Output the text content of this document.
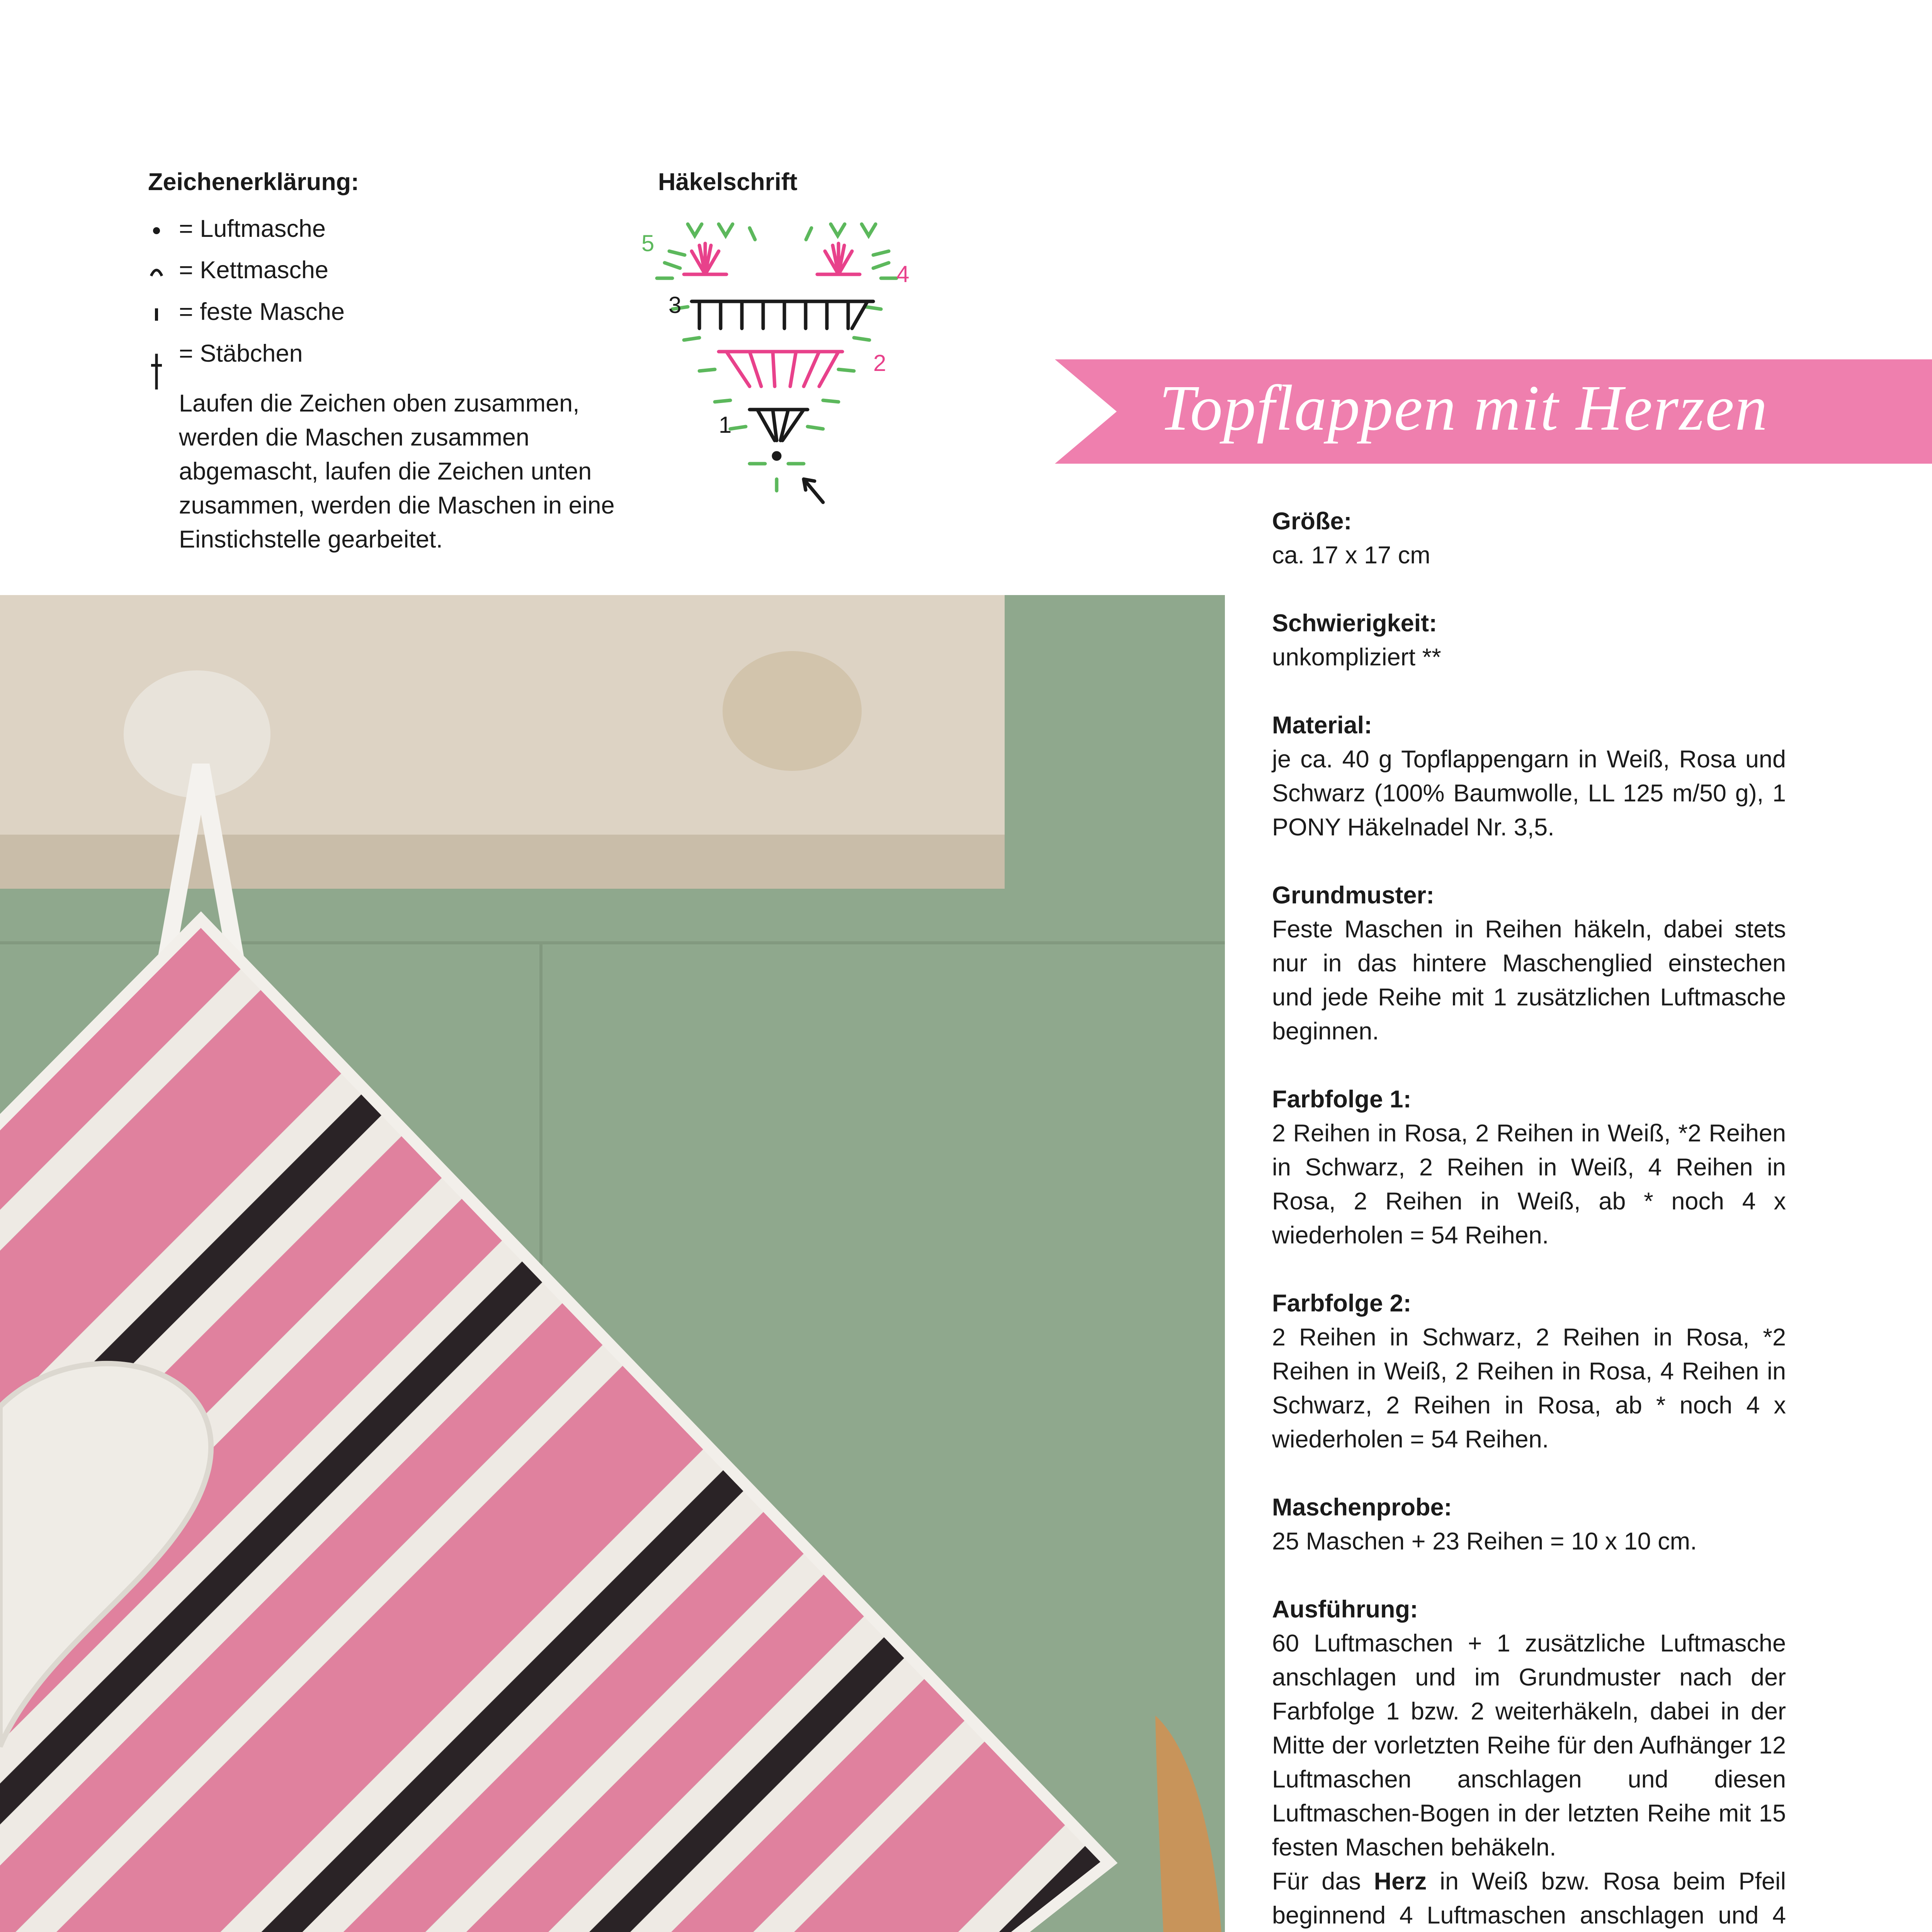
Zeichenerklärung:
= Luftmasche
= Kettmasche
= feste Masche
= Stäbchen
Laufen die Zeichen oben zusammen, werden die Maschen zusammen abgemascht, laufen die Zeichen unten zusammen, werden die Maschen in eine Einstichstelle gearbeitet.
Häkelschrift
5
4
3
2
1	Topflappen mit Herzen
Größe:

ca. 17 x 17 cm

Schwierigkeit:

unkompliziert **

Material:

je ca. 40 g Topflappengarn in Weiß, Rosa und Schwarz (100% Baumwolle, LL 125 m/50 g), 1 PONY Häkelnadel Nr. 3,5.

Grundmuster:

Feste Maschen in Reihen häkeln, dabei stets nur in das hintere Maschenglied einstechen und jede Reihe mit 1 zusätzlichen Luftmasche beginnen.

Farbfolge 1:

2 Reihen in Rosa, 2 Reihen in Weiß, *2 Reihen in Schwarz, 2 Reihen in Weiß, 4 Reihen in Rosa, 2 Reihen in Weiß, ab * noch 4 x wiederholen = 54 Reihen.

Farbfolge 2:

2 Reihen in Schwarz, 2 Reihen in Rosa, *2 Reihen in Weiß, 2 Reihen in Rosa, 4 Reihen in Schwarz, 2 Reihen in Rosa, ab * noch 4 x wiederholen = 54 Reihen.

Maschenprobe:

25 Maschen + 23 Reihen = 10 x 10 cm.

Ausführung:

60 Luftmaschen + 1 zusätzliche Luftmasche anschlagen und im Grundmuster nach der Farbfolge 1 bzw. 2 weiterhäkeln, dabei in der Mitte der vorletzten Reihe für den Aufhänger 12 Luftmaschen anschlagen und diesen Luftmaschen-Bogen in der letzten Reihe mit 15 festen Maschen behäkeln.

Für das Herz in Weiß bzw. Rosa beim Pfeil beginnend 4 Luftmaschen anschlagen und 4
